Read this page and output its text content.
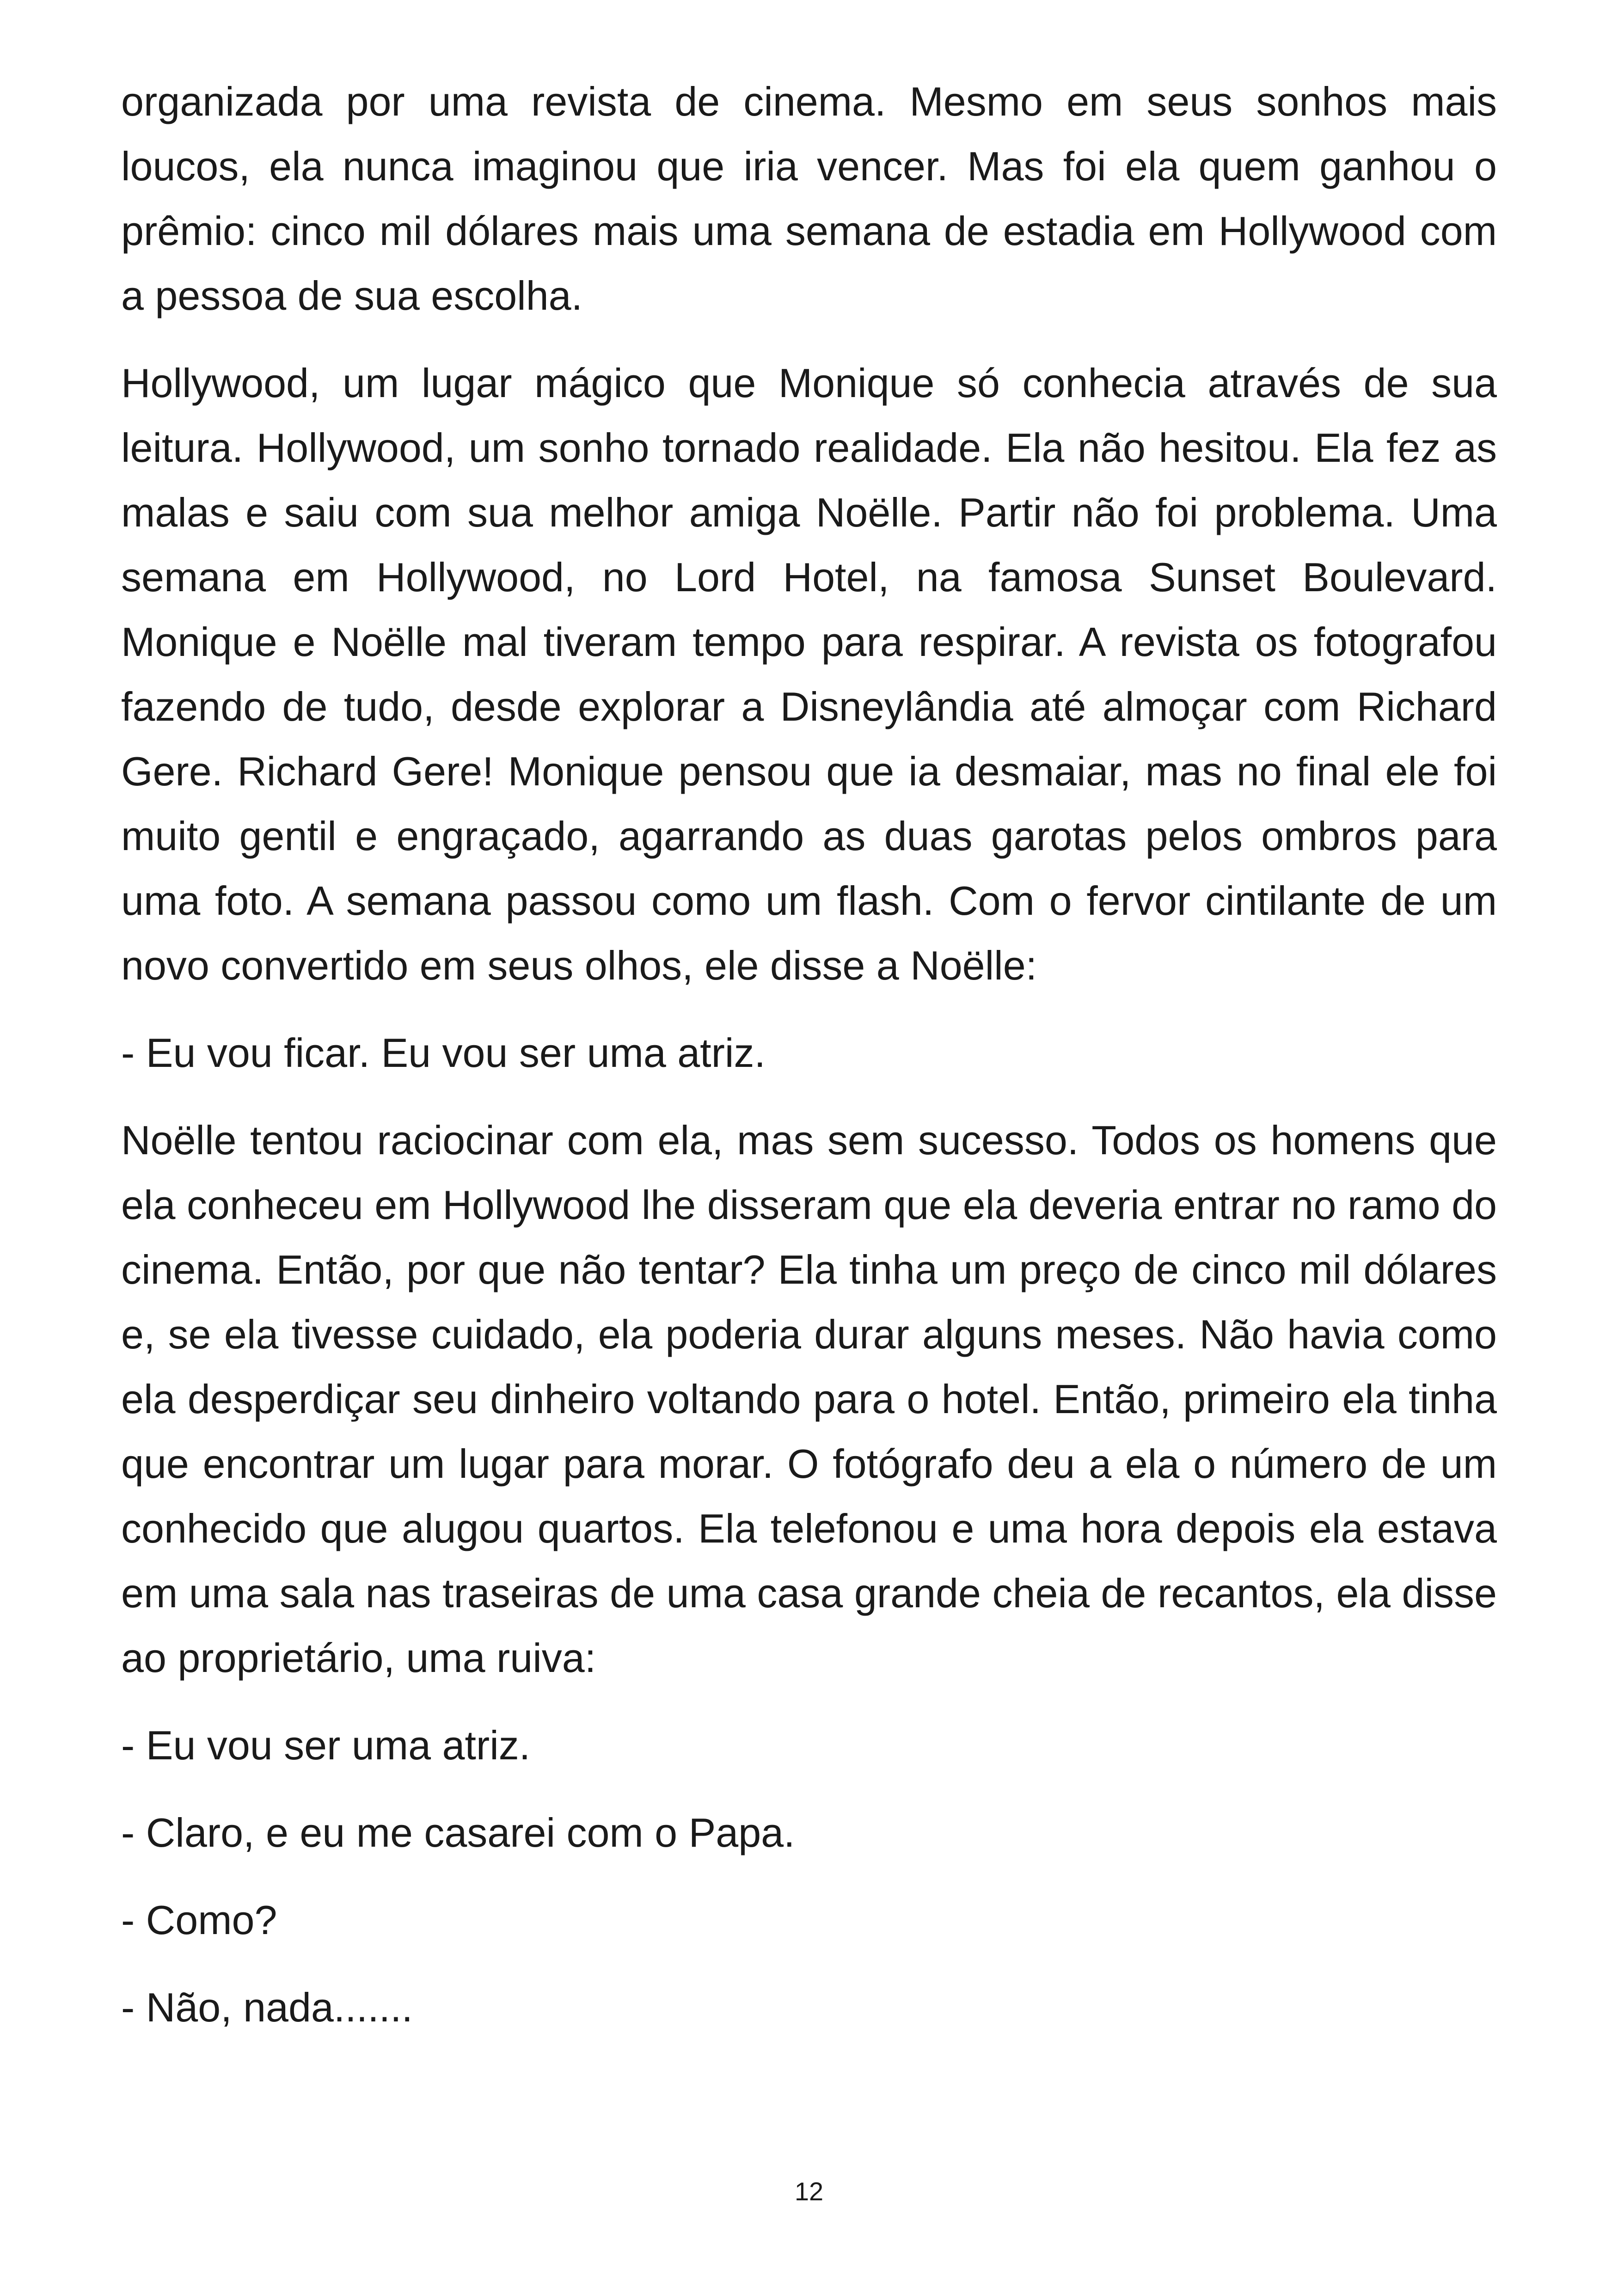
organizada por uma revista de cinema. Mesmo em seus sonhos mais loucos, ela nunca imaginou que iria vencer. Mas foi ela quem ganhou o prêmio: cinco mil dólares mais uma semana de estadia em Hollywood com a pessoa de sua escolha.

Hollywood, um lugar mágico que Monique só conhecia através de sua leitura. Hollywood, um sonho tornado realidade. Ela não hesitou. Ela fez as malas e saiu com sua melhor amiga Noëlle. Partir não foi problema. Uma semana em Hollywood, no Lord Hotel, na famosa Sunset Boulevard. Monique e Noëlle mal tiveram tempo para respirar. A revista os fotografou fazendo de tudo, desde explorar a Disneylândia até almoçar com Richard Gere. Richard Gere! Monique pensou que ia desmaiar, mas no final ele foi muito gentil e engraçado, agarrando as duas garotas pelos ombros para uma foto. A semana passou como um flash. Com o fervor cintilante de um novo convertido em seus olhos, ele disse a Noëlle:

- Eu vou ficar. Eu vou ser uma atriz.

Noëlle tentou raciocinar com ela, mas sem sucesso. Todos os homens que ela conheceu em Hollywood lhe disseram que ela deveria entrar no ramo do cinema. Então, por que não tentar? Ela tinha um preço de cinco mil dólares e, se ela tivesse cuidado, ela poderia durar alguns meses. Não havia como ela desperdiçar seu dinheiro voltando para o hotel. Então, primeiro ela tinha que encontrar um lugar para morar. O fotógrafo deu a ela o número de um conhecido que alugou quartos. Ela telefonou e uma hora depois ela estava em uma sala nas traseiras de uma casa grande cheia de recantos, ela disse ao proprietário, uma ruiva:

- Eu vou ser uma atriz.

- Claro, e eu me casarei com o Papa.

- Como?

- Não, nada.......

12
